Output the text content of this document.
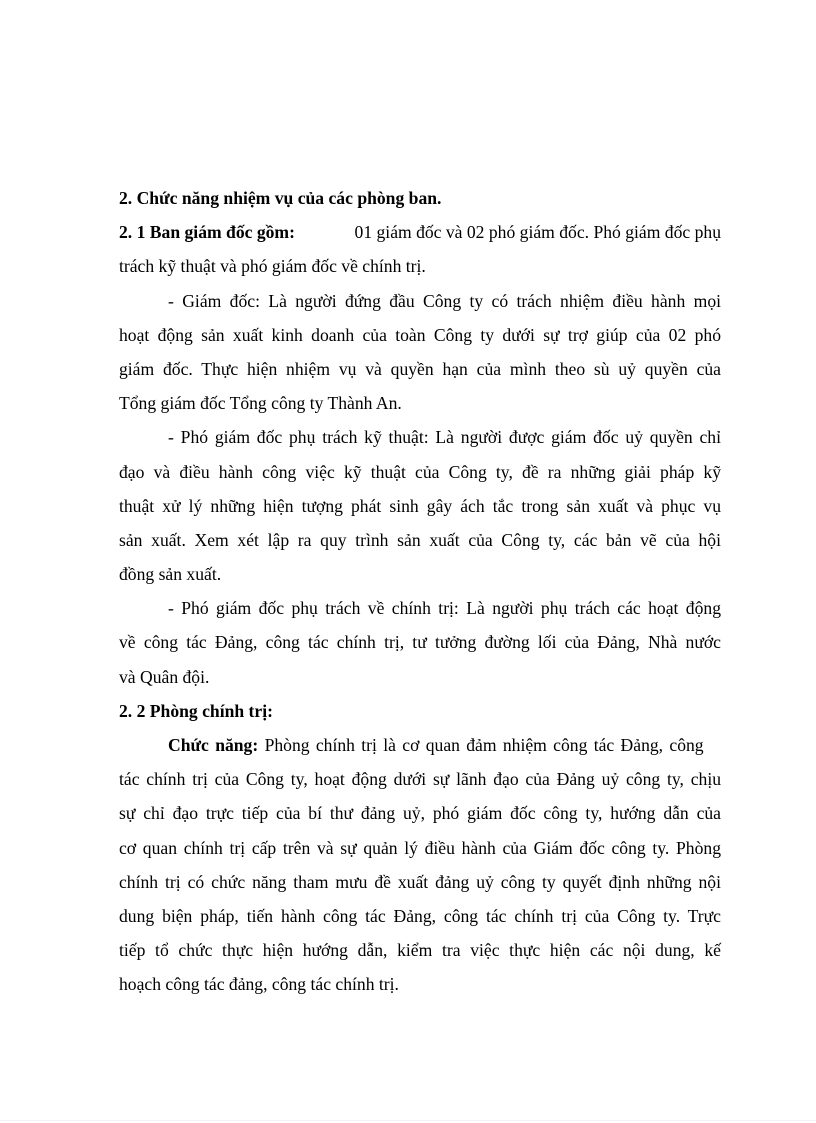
2. Chức năng nhiệm vụ của các phòng ban.
2. 1 Ban giám đốc gồm:	01 giám đốc và 02 phó giám đốc. Phó giám đốc phụ
trách kỹ thuật và phó giám đốc về chính trị.
- Giám đốc: Là người đứng đầu Công ty có trách nhiệm điều hành mọi
hoạt động sản xuất kinh doanh của toàn Công ty dưới sự trợ giúp của 02 phó
giám đốc. Thực hiện nhiệm vụ và quyền hạn của mình theo sù uỷ quyền của
Tổng giám đốc Tổng công ty Thành An.
- Phó giám đốc phụ trách kỹ thuật: Là người được giám đốc uỷ quyền chỉ
đạo và điều hành công việc kỹ thuật của Công ty, đề ra những giải pháp kỹ
thuật xử lý những hiện tượng phát sinh gây ách tắc trong sản xuất và phục vụ
sản xuất. Xem xét lập ra quy trình sản xuất của Công ty, các bản vẽ của hội
đồng sản xuất.
- Phó giám đốc phụ trách về chính trị: Là người phụ trách các hoạt động
về công tác Đảng, công tác chính trị, tư tưởng đường lối của Đảng, Nhà nước
và Quân đội.
2. 2 Phòng chính trị:
Chức năng: Phòng chính trị là cơ quan đảm nhiệm công tác Đảng, công
tác chính trị của Công ty, hoạt động dưới sự lãnh đạo của Đảng uỷ công ty, chịu
sự chỉ đạo trực tiếp của bí thư đảng uỷ, phó giám đốc công ty, hướng dẫn của
cơ quan chính trị cấp trên và sự quản lý điều hành của Giám đốc công ty. Phòng
chính trị có chức năng tham mưu đề xuất đảng uỷ công ty quyết định những nội
dung biện pháp, tiến hành công tác Đảng, công tác chính trị của Công ty. Trực
tiếp tổ chức thực hiện hướng dẫn, kiểm tra việc thực hiện các nội dung, kế
hoạch công tác đảng, công tác chính trị.
